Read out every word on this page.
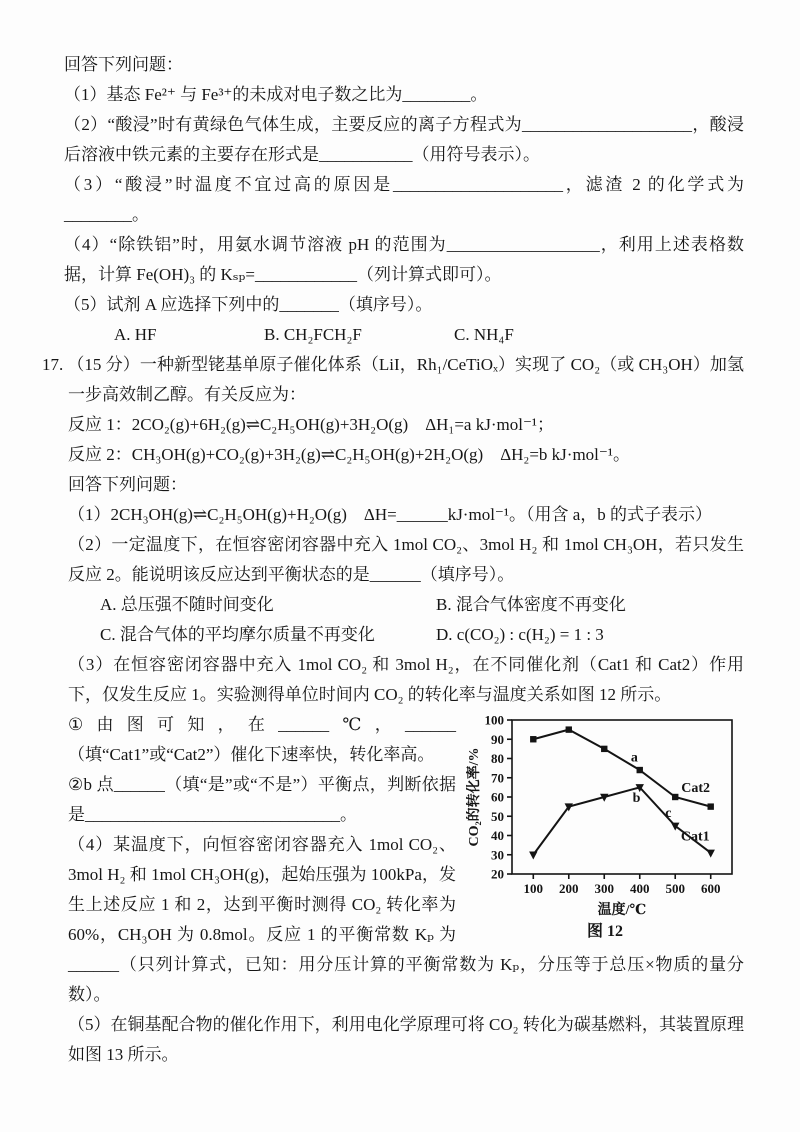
回答下列问题：

（1）基态 Fe²⁺ 与 Fe³⁺的未成对电子数之比为________。

（2）“酸浸”时有黄绿色气体生成，主要反应的离子方程式为____________________，酸浸后溶液中铁元素的主要存在形式是___________（用符号表示）。

（3）“酸浸”时温度不宜过高的原因是____________________，滤渣 2 的化学式为________。

（4）“除铁铝”时，用氨水调节溶液 pH 的范围为__________________，利用上述表格数据，计算 Fe(OH)₃ 的 Kₛₚ=____________（列计算式即可）。

（5）试剂 A 应选择下列中的_______（填序号）。

A. HF	B. CH₂FCH₂F	C. NH₄F

17. （15 分）一种新型铑基单原子催化体系（LiI，Rh₁/CeTiOₓ）实现了 CO₂（或 CH₃OH）加氢一步高效制乙醇。有关反应为：

反应 1：2CO₂(g)+6H₂(g)⇌C₂H₅OH(g)+3H₂O(g)　ΔH₁=a kJ·mol⁻¹；

反应 2：CH₃OH(g)+CO₂(g)+3H₂(g)⇌C₂H₅OH(g)+2H₂O(g)　ΔH₂=b kJ·mol⁻¹。

回答下列问题：

（1）2CH₃OH(g)⇌C₂H₅OH(g)+H₂O(g)　ΔH=______kJ·mol⁻¹。（用含 a，b 的式子表示）

（2）一定温度下，在恒容密闭容器中充入 1mol CO₂、3mol H₂ 和 1mol CH₃OH，若只发生反应 2。能说明该反应达到平衡状态的是______（填序号）。

A. 总压强不随时间变化	B. 混合气体密度不再变化
C. 混合气体的平均摩尔质量不再变化	D. c(CO₂) : c(H₂) = 1 : 3

（3）在恒容密闭容器中充入 1mol CO₂ 和 3mol H₂，在不同催化剂（Cat1 和 Cat2）作用下，仅发生反应 1。实验测得单位时间内 CO₂ 的转化率与温度关系如图 12 所示。

20
30
40
50
60
70
80
90
100
100 200 300 400 500 600
a
b
c
Cat2
Cat1
CO₂的转化率/%
温度/℃
图 12

①由图可知，在______℃，______（填“Cat1”或“Cat2”）催化下速率快，转化率高。

②b 点______（填“是”或“不是”）平衡点，判断依据是______________________________。

（4）某温度下，向恒容密闭容器充入 1mol CO₂、3mol H₂ 和 1mol CH₃OH(g)，起始压强为 100kPa，发生上述反应 1 和 2，达到平衡时测得 CO₂ 转化率为 60%，CH₃OH 为 0.8mol。反应 1 的平衡常数 Kₚ 为______（只列计算式，已知：用分压计算的平衡常数为 Kₚ，分压等于总压×物质的量分数）。

（5）在铜基配合物的催化作用下，利用电化学原理可将 CO₂ 转化为碳基燃料，其装置原理如图 13 所示。
